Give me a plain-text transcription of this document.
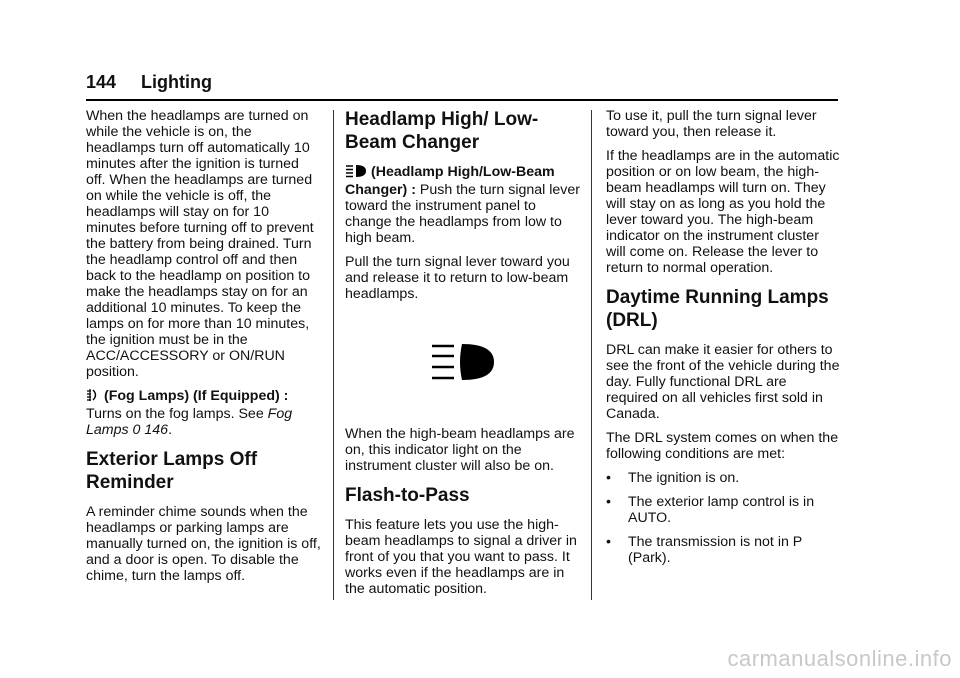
144 Lighting

When the headlamps are turned on while the vehicle is on, the headlamps turn off automatically 10 minutes after the ignition is turned off. When the headlamps are turned on while the vehicle is off, the headlamps will stay on for 10 minutes before turning off to prevent the battery from being drained. Turn the headlamp control off and then back to the headlamp on position to make the headlamps stay on for an additional 10 minutes. To keep the lamps on for more than 10 minutes, the ignition must be in the ACC/ACCESSORY or ON/RUN position.

(Fog Lamps) (If Equipped) :
Turns on the fog lamps. See Fog Lamps 0 146.

Exterior Lamps Off Reminder

A reminder chime sounds when the headlamps or parking lamps are manually turned on, the ignition is off, and a door is open. To disable the chime, turn the lamps off.

Headlamp High/ Low-Beam Changer

(Headlamp High/Low-Beam Changer) : Push the turn signal lever toward the instrument panel to change the headlamps from low to high beam.

Pull the turn signal lever toward you and release it to return to low-beam headlamps.

When the high-beam headlamps are on, this indicator light on the instrument cluster will also be on.

Flash-to-Pass

This feature lets you use the high-beam headlamps to signal a driver in front of you that you want to pass. It works even if the headlamps are in the automatic position.

To use it, pull the turn signal lever toward you, then release it.

If the headlamps are in the automatic position or on low beam, the high-beam headlamps will turn on. They will stay on as long as you hold the lever toward you. The high-beam indicator on the instrument cluster will come on. Release the lever to return to normal operation.

Daytime Running Lamps (DRL)

DRL can make it easier for others to see the front of the vehicle during the day. Fully functional DRL are required on all vehicles first sold in Canada.

The DRL system comes on when the following conditions are met:

•	The ignition is on.
•	The exterior lamp control is in AUTO.
•	The transmission is not in P (Park).
carmanualsonline.info
